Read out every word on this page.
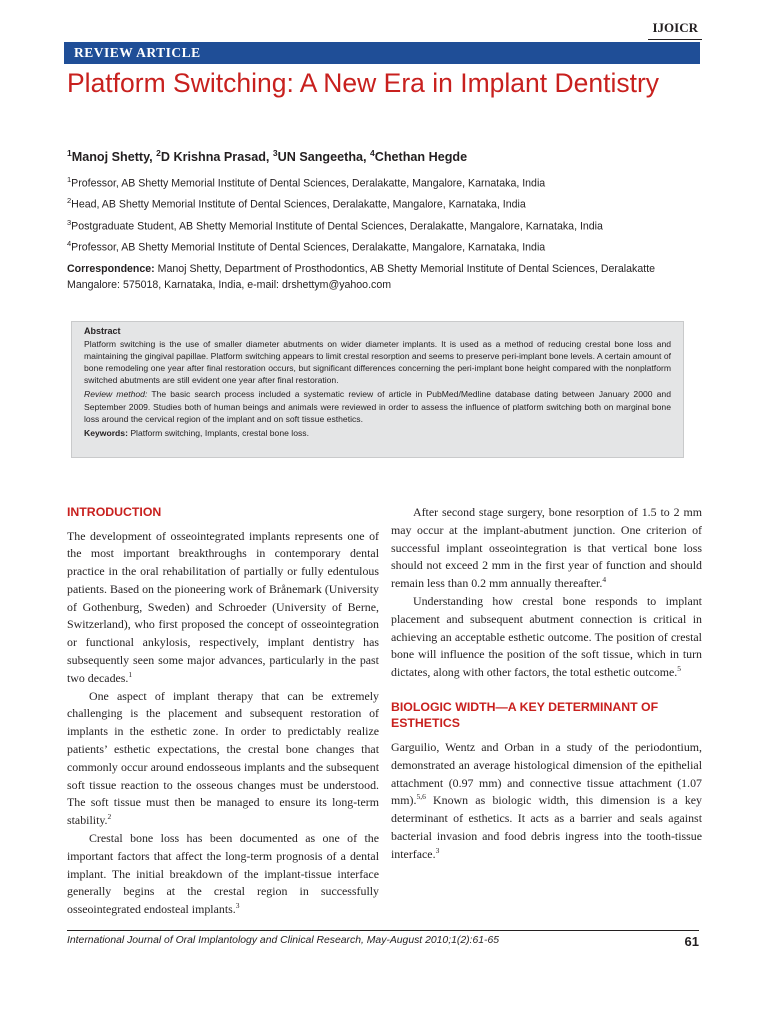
IJOICR
REVIEW ARTICLE
Platform Switching: A New Era in Implant Dentistry
$^1$Manoj Shetty, $^2$D Krishna Prasad, $^3$UN Sangeetha, $^4$Chethan Hegde
$^1$Professor, AB Shetty Memorial Institute of Dental Sciences, Deralakatte, Mangalore, Karnataka, India
$^2$Head, AB Shetty Memorial Institute of Dental Sciences, Deralakatte, Mangalore, Karnataka, India
$^3$Postgraduate Student, AB Shetty Memorial Institute of Dental Sciences, Deralakatte, Mangalore, Karnataka, India
$^4$Professor, AB Shetty Memorial Institute of Dental Sciences, Deralakatte, Mangalore, Karnataka, India
Correspondence: Manoj Shetty, Department of Prosthodontics, AB Shetty Memorial Institute of Dental Sciences, Deralakatte Mangalore: 575018, Karnataka, India, e-mail: drshettym@yahoo.com
Abstract

Platform switching is the use of smaller diameter abutments on wider diameter implants. It is used as a method of reducing crestal bone loss and maintaining the gingival papillae. Platform switching appears to limit crestal resorption and seems to preserve peri-implant bone levels. A certain amount of bone remodeling one year after final restoration occurs, but significant differences concerning the peri-implant bone height compared with the nonplatform switched abutments are still evident one year after final restoration.

Review method: The basic search process included a systematic review of article in PubMed/Medline database dating between January 2000 and September 2009. Studies both of human beings and animals were reviewed in order to assess the influence of platform switching both on marginal bone loss around the cervical region of the implant and on soft tissue esthetics.

Keywords: Platform switching, Implants, crestal bone loss.

INTRODUCTION

The development of osseointegrated implants represents one of the most important breakthroughs in contemporary dental practice in the oral rehabilitation of partially or fully edentulous patients. Based on the pioneering work of Brånemark (University of Gothenburg, Sweden) and Schroeder (University of Berne, Switzerland), who first proposed the concept of osseointegration or functional ankylosis, respectively, implant dentistry has subsequently seen some major advances, particularly in the past two decades.$^1$

One aspect of implant therapy that can be extremely challenging is the placement and subsequent restoration of implants in the esthetic zone. In order to predictably realize patients’ esthetic expectations, the crestal bone changes that commonly occur around endosseous implants and the subsequent soft tissue reaction to the osseous changes must be understood. The soft tissue must then be managed to ensure its long-term stability.$^2$

Crestal bone loss has been documented as one of the important factors that affect the long-term prognosis of a dental implant. The initial breakdown of the implant-tissue interface generally begins at the crestal region in successfully osseointegrated endosteal implants.$^3$

After second stage surgery, bone resorption of 1.5 to 2 mm may occur at the implant-abutment junction. One criterion of successful implant osseointegration is that vertical bone loss should not exceed 2 mm in the first year of function and should remain less than 0.2 mm annually thereafter.$^4$

Understanding how crestal bone responds to implant placement and subsequent abutment connection is critical in achieving an acceptable esthetic outcome. The position of crestal bone will influence the position of the soft tissue, which in turn dictates, along with other factors, the total esthetic outcome.$^5$

BIOLOGIC WIDTH—A KEY DETERMINANT OF ESTHETICS

Garguilio, Wentz and Orban in a study of the periodontium, demonstrated an average histological dimension of the epithelial attachment (0.97 mm) and connective tissue attachment (1.07 mm).$^{5,6}$ Known as biologic width, this dimension is a key determinant of esthetics. It acts as a barrier and seals against bacterial invasion and food debris ingress into the tooth-tissue interface.$^3$

International Journal of Oral Implantology and Clinical Research, May-August 2010;1(2):61-65	61
